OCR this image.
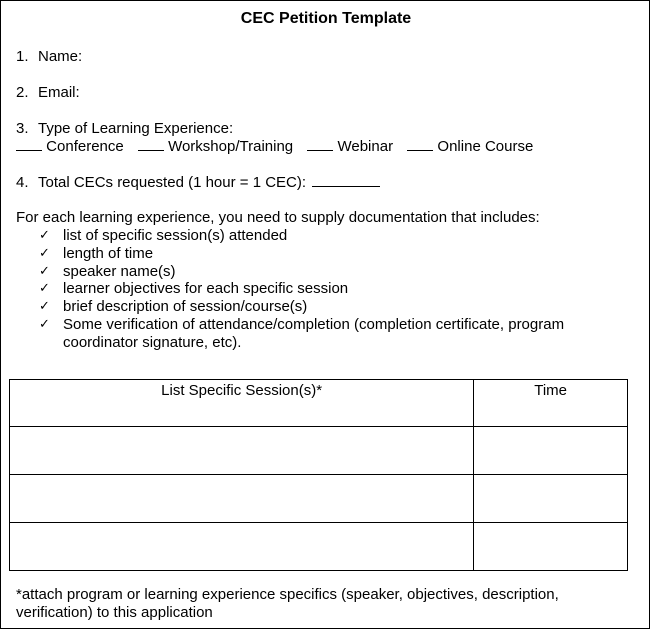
CEC Petition Template
1. Name:
2. Email:
3. Type of Learning Experience:
Conference	Workshop/Training	Webinar	Online Course
4. Total CECs requested (1 hour = 1 CEC):
For each learning experience, you need to supply documentation that includes:
✓ list of specific session(s) attended
✓ length of time
✓ speaker name(s)
✓ learner objectives for each specific session
✓ brief description of session/course(s)
✓ Some verification of attendance/completion (completion certificate, program
coordinator signature, etc).
List Specific Session(s)*	Time

*attach program or learning experience specifics (speaker, objectives, description,
verification) to this application
